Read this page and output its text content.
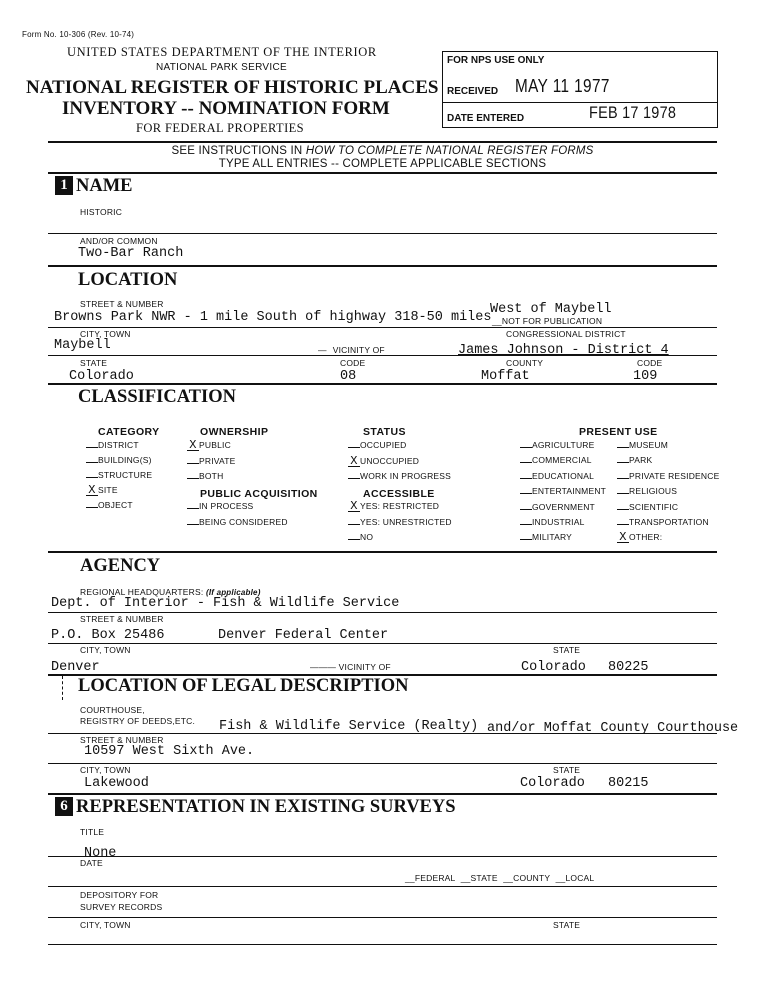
Form No. 10-306 (Rev. 10-74)
UNITED STATES DEPARTMENT OF THE INTERIOR
NATIONAL PARK SERVICE
NATIONAL REGISTER OF HISTORIC PLACES
INVENTORY -- NOMINATION FORM
FOR FEDERAL PROPERTIES
FOR NPS USE ONLY
RECEIVED MAY 11 1977
DATE ENTERED	FEB 17 1978
SEE INSTRUCTIONS IN HOW TO COMPLETE NATIONAL REGISTER FORMS
TYPE ALL ENTRIES -- COMPLETE APPLICABLE SECTIONS
1 NAME
HISTORIC
AND/OR COMMON
Two-Bar Ranch
LOCATION
STREET & NUMBER	West of Maybell
Browns Park NWR - 1 mile South of highway 318-50 miles __NOT FOR PUBLICATION
CITY, TOWN	CONGRESSIONAL DISTRICT
Maybell	— VICINITY OF	James Johnson - District 4
STATE	CODE	COUNTY	CODE
Colorado	08	Moffat	109
CLASSIFICATION
CATEGORY
DISTRICT
BUILDING(S)
STRUCTURE
X SITE
OBJECT
OWNERSHIP
X PUBLIC
PRIVATE
BOTH
PUBLIC ACQUISITION
IN PROCESS
BEING CONSIDERED
STATUS
OCCUPIED
X UNOCCUPIED
WORK IN PROGRESS
ACCESSIBLE
X YES: RESTRICTED
YES: UNRESTRICTED
NO
PRESENT USE
AGRICULTURE
COMMERCIAL
EDUCATIONAL
ENTERTAINMENT
GOVERNMENT
INDUSTRIAL
MILITARY
MUSEUM
PARK
PRIVATE RESIDENCE
RELIGIOUS
SCIENTIFIC
TRANSPORTATION
X OTHER:
AGENCY
REGIONAL HEADQUARTERS: (If applicable)
Dept. of Interior - Fish & Wildlife Service
STREET & NUMBER
P.O. Box 25486	Denver Federal Center
CITY, TOWN	STATE
Denver	——— VICINITY OF	Colorado 80225
LOCATION OF LEGAL DESCRIPTION
COURTHOUSE,
REGISTRY OF DEEDS,ETC. Fish & Wildlife Service (Realty) and/or Moffat County Courthouse
STREET & NUMBER
10597 West Sixth Ave.
CITY, TOWN	STATE
Lakewood	Colorado 80215
6 REPRESENTATION IN EXISTING SURVEYS
TITLE
None
DATE
__FEDERAL __STATE __COUNTY __LOCAL
DEPOSITORY FOR
SURVEY RECORDS
CITY, TOWN	STATE
